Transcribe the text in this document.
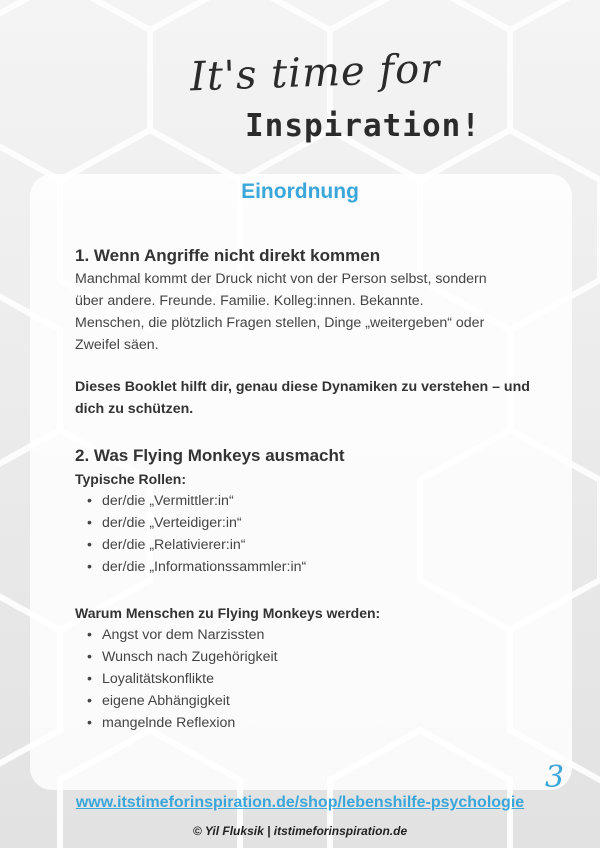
It's time for
Inspiration!
Einordnung
1. Wenn Angriffe nicht direkt kommen

Manchmal kommt der Druck nicht von der Person selbst, sondern

über andere. Freunde. Familie. Kolleg:innen. Bekannte.

Menschen, die plötzlich Fragen stellen, Dinge „weitergeben“ oder

Zweifel säen.

Dieses Booklet hilft dir, genau diese Dynamiken zu verstehen – und

dich zu schützen.

2. Was Flying Monkeys ausmacht

Typische Rollen:

• der/die „Vermittler:in“
• der/die „Verteidiger:in“
• der/die „Relativierer:in“
• der/die „Informationssammler:in“

Warum Menschen zu Flying Monkeys werden:

• Angst vor dem Narzissten
• Wunsch nach Zugehörigkeit
• Loyalitätskonflikte
• eigene Abhängigkeit
• mangelnde Reflexion
3
www.itstimeforinspiration.de/shop/lebenshilfe-psychologie
© Yil Fluksik | itstimeforinspiration.de
